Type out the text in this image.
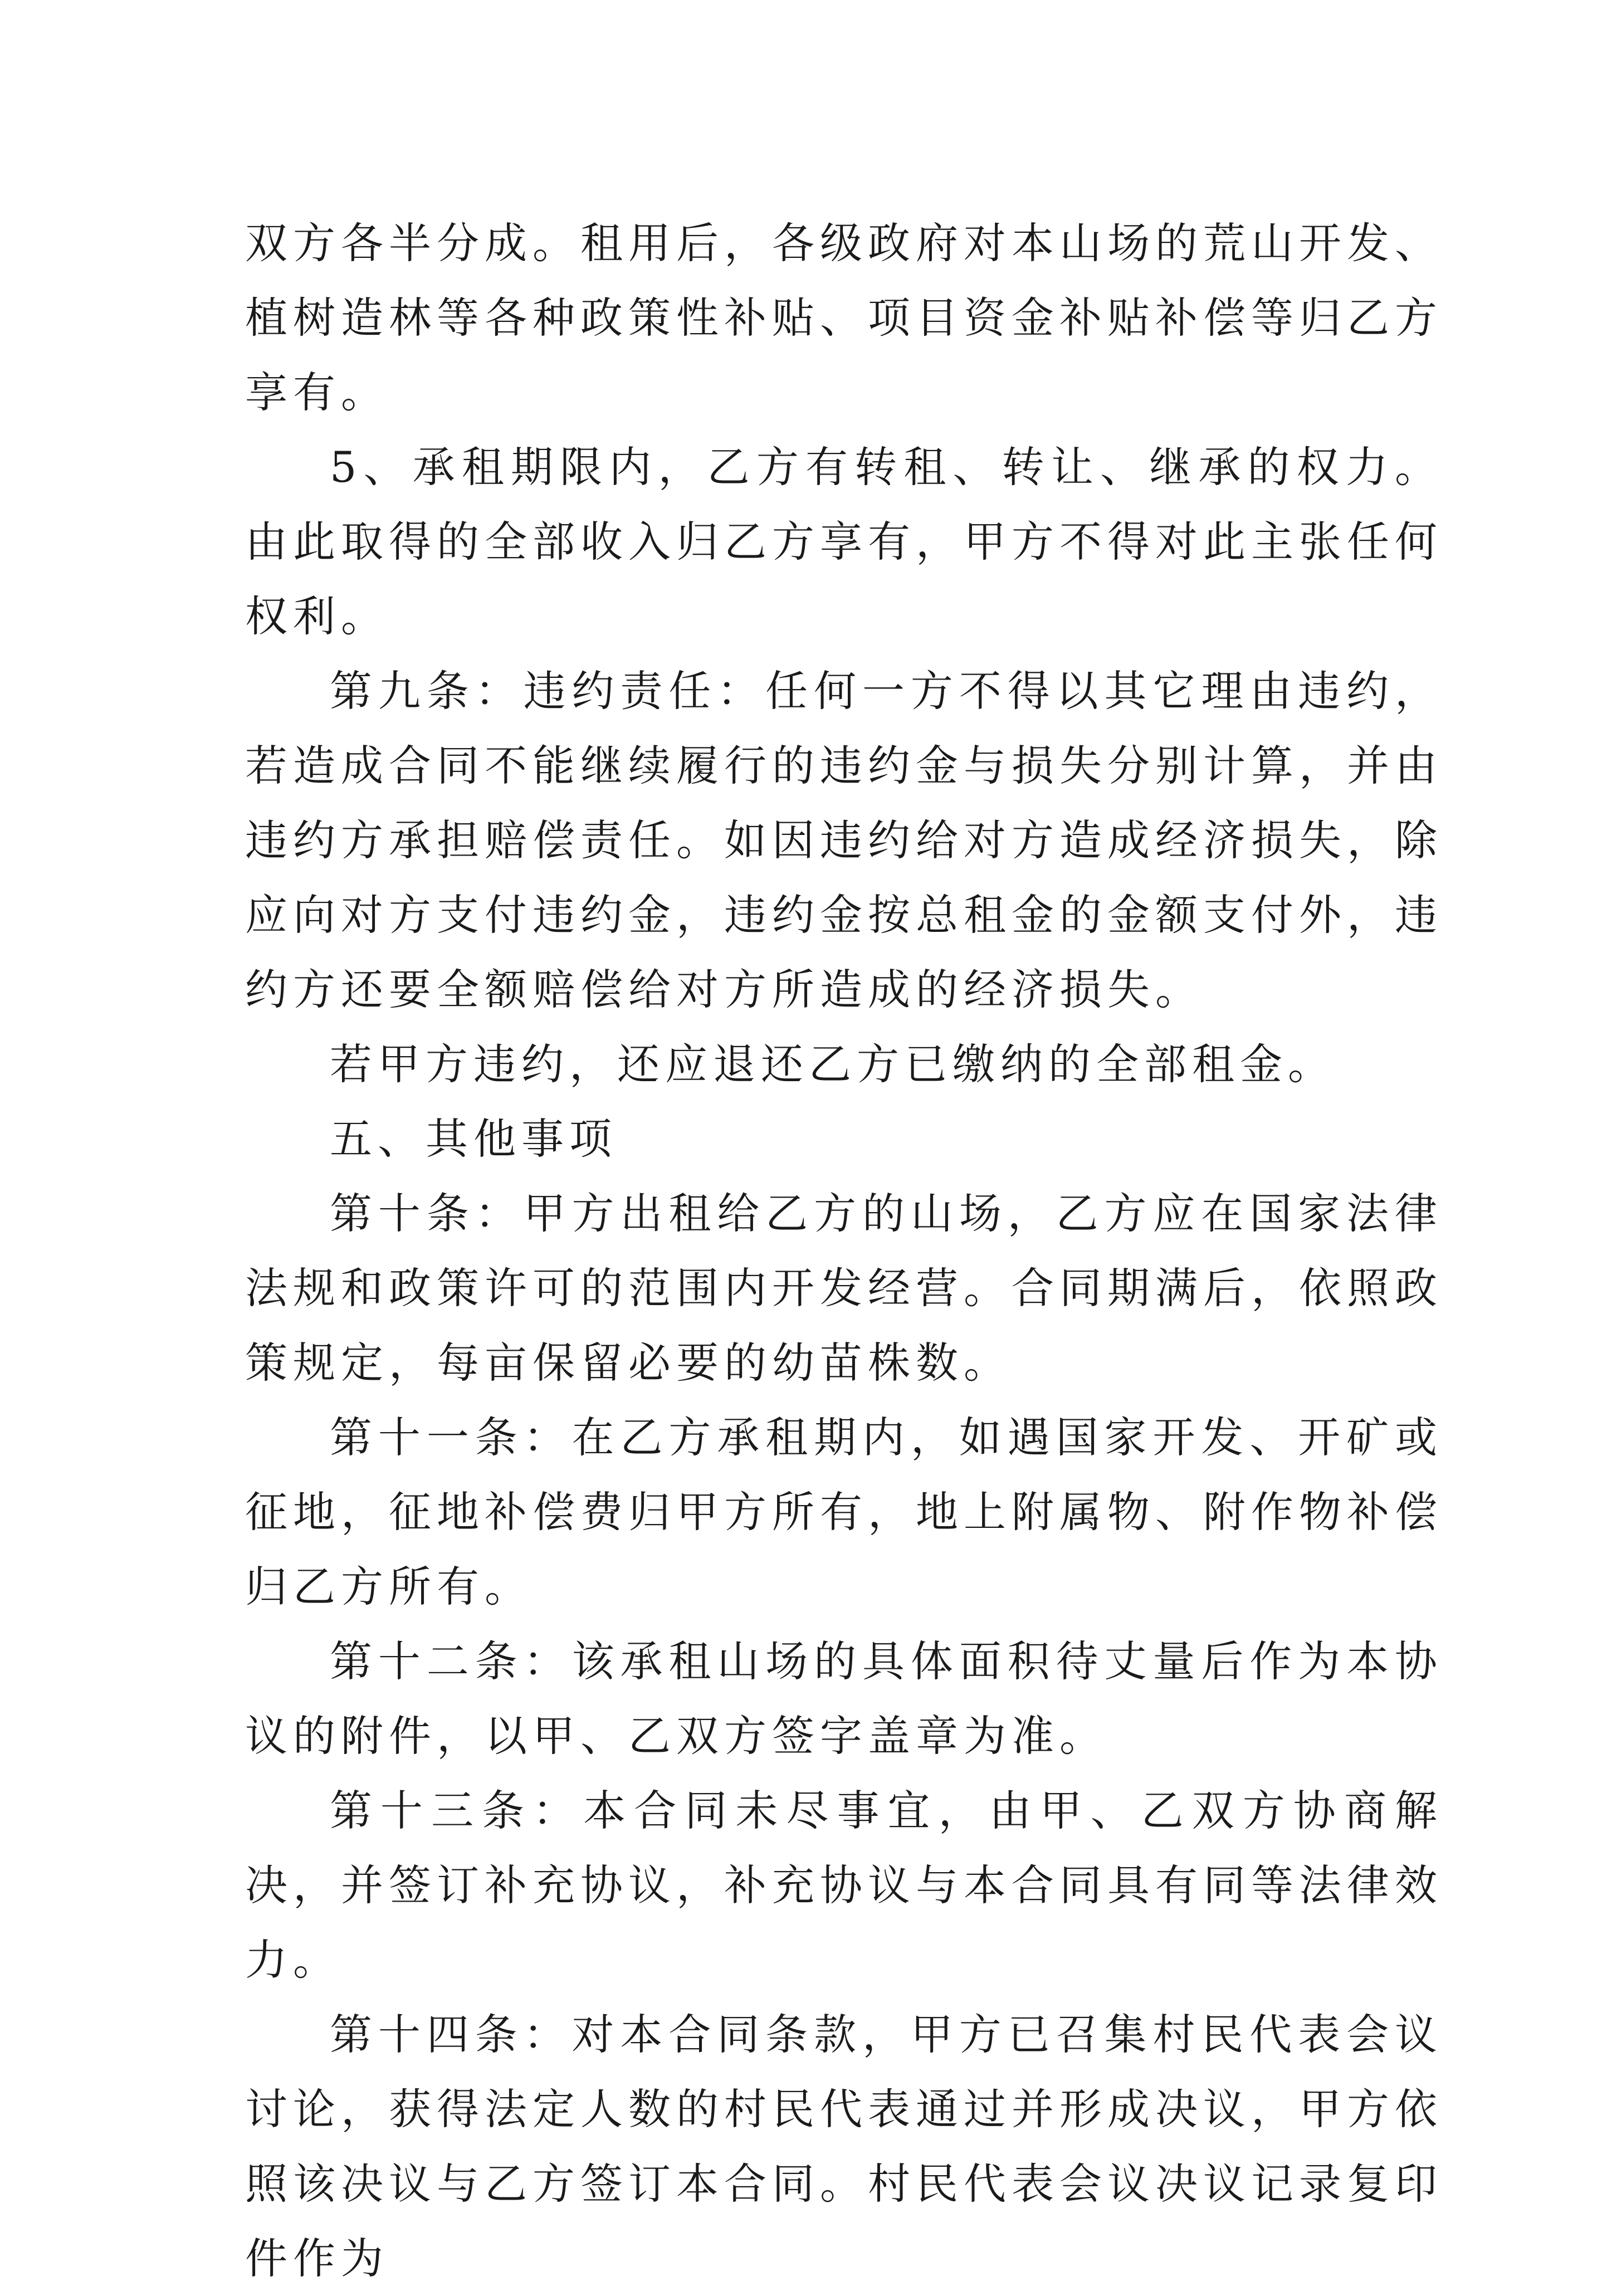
双方各半分成。租用后，各级政府对本山场的荒山开发、植树造林等各种政策性补贴、项目资金补贴补偿等归乙方享有。

5、承租期限内，乙方有转租、转让、继承的权力。由此取得的全部收入归乙方享有，甲方不得对此主张任何权利。

第九条：违约责任：任何一方不得以其它理由违约，若造成合同不能继续履行的违约金与损失分别计算，并由违约方承担赔偿责任。如因违约给对方造成经济损失，除应向对方支付违约金，违约金按总租金的金额支付外，违约方还要全额赔偿给对方所造成的经济损失。

若甲方违约，还应退还乙方已缴纳的全部租金。

五、其他事项

第十条：甲方出租给乙方的山场，乙方应在国家法律法规和政策许可的范围内开发经营。合同期满后，依照政策规定，每亩保留必要的幼苗株数。

第十一条：在乙方承租期内，如遇国家开发、开矿或征地，征地补偿费归甲方所有，地上附属物、附作物补偿归乙方所有。

第十二条：该承租山场的具体面积待丈量后作为本协议的附件，以甲、乙双方签字盖章为准。

第十三条：本合同未尽事宜，由甲、乙双方协商解决，并签订补充协议，补充协议与本合同具有同等法律效力。

第十四条：对本合同条款，甲方已召集村民代表会议讨论，获得法定人数的村民代表通过并形成决议，甲方依照该决议与乙方签订本合同。村民代表会议决议记录复印件作为
